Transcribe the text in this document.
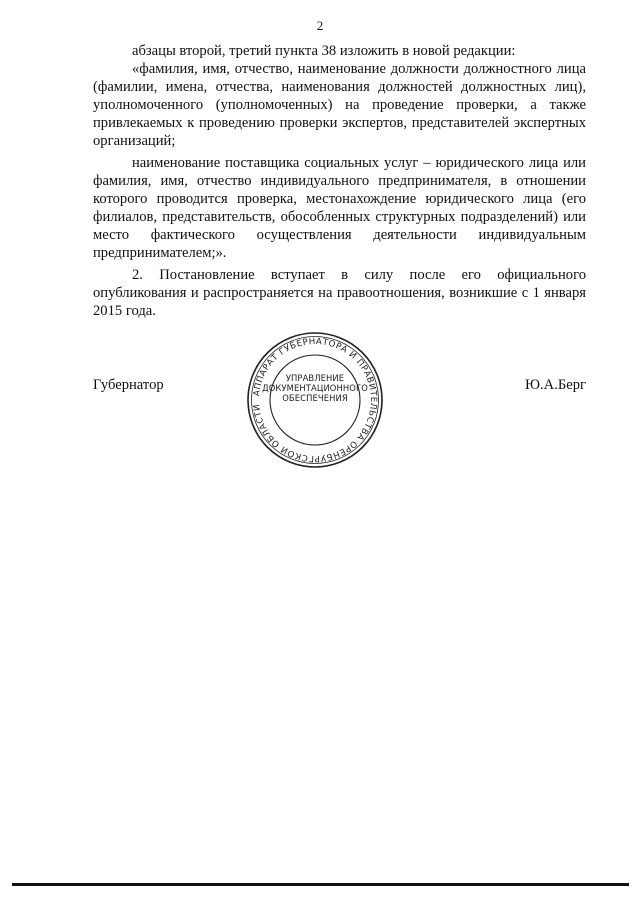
2

абзацы второй, третий пункта 38 изложить в новой редакции:

«фамилия, имя, отчество, наименование должности должностного лица (фамилии, имена, отчества, наименования должностей должностных лиц), уполномоченного (уполномоченных) на проведение проверки, а также привлекаемых к проведению проверки экспертов, представителей экспертных организаций;

наименование поставщика социальных услуг – юридического лица или фамилия, имя, отчество индивидуального предпринимателя, в отношении которого проводится проверка, местонахождение юридического лица (его филиалов, представительств, обособленных структурных подразделений) или место фактического осуществления деятельности индивидуальным предпринимателем;».

2. Постановление вступает в силу после его официального опубликования и распространяется на правоотношения, возникшие с 1 января 2015 года.

Губернатор	Ю.А.Берг
АППАРАТ ГУБЕРНАТОРА И ПРАВИТЕЛЬСТВА ОРЕНБУРГСКОЙ ОБЛАСТИ
УПРАВЛЕНИЕ
ДОКУМЕНТАЦИОННОГО
ОБЕСПЕЧЕНИЯ
